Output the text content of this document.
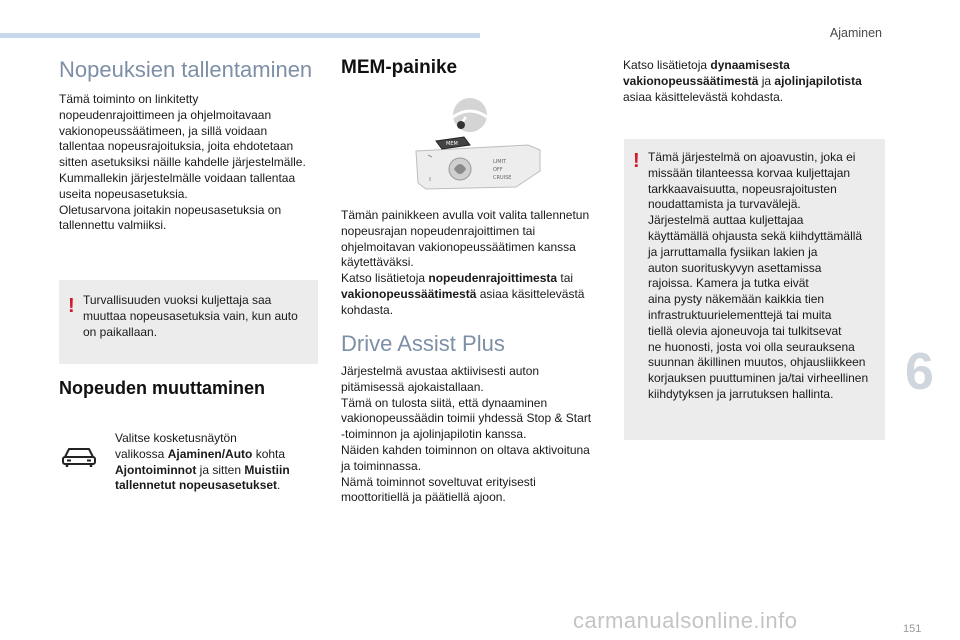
Ajaminen
6
Nopeuksien tallentaminen

Tämä toiminto on linkitetty

nopeudenrajoittimeen ja ohjelmoitavaan

vakionopeussäätimeen, ja sillä voidaan

tallentaa nopeusrajoituksia, joita ehdotetaan

sitten asetuksiksi näille kahdelle järjestelmälle.

Kummallekin järjestelmälle voidaan tallentaa

useita nopeusasetuksia.

Oletusarvona joitakin nopeusasetuksia on

tallennettu valmiiksi.

! Turvallisuuden vuoksi kuljettaja saa

muuttaa nopeusasetuksia vain, kun auto

on paikallaan.

Nopeuden muuttaminen

Valitse kosketusnäytön

valikossa Ajaminen/Auto kohta

Ajontoiminnot ja sitten Muistiin

tallennetut nopeusasetukset.

MEM-painike
MEM
LIMIT
OFF
CRUISE

Tämän painikkeen avulla voit valita tallennetun

nopeusrajan nopeudenrajoittimen tai

ohjelmoitavan vakionopeussäätimen kanssa

käytettäväksi.

Katso lisätietoja nopeudenrajoittimesta tai

vakionopeussäätimestä asiaa käsittelevästä

kohdasta.

Drive Assist Plus

Järjestelmä avustaa aktiivisesti auton

pitämisessä ajokaistallaan.

Tämä on tulosta siitä, että dynaaminen

vakionopeussäädin toimii yhdessä Stop & Start

-toiminnon ja ajolinjapilotin kanssa.

Näiden kahden toiminnon on oltava aktivoituna

ja toiminnassa.

Nämä toiminnot soveltuvat erityisesti

moottoritiellä ja päätiellä ajoon.

Katso lisätietoja dynaamisesta

vakionopeussäätimestä ja ajolinjapilotista

asiaa käsittelevästä kohdasta.

! Tämä järjestelmä on ajoavustin, joka ei

missään tilanteessa korvaa kuljettajan

tarkkaavaisuutta, nopeusrajoitusten

noudattamista ja turvavälejä.

Järjestelmä auttaa kuljettajaa

käyttämällä ohjausta sekä kiihdyttämällä

ja jarruttamalla fysiikan lakien ja

auton suorituskyvyn asettamissa

rajoissa. Kamera ja tutka eivät

aina pysty näkemään kaikkia tien

infrastruktuurielementtejä tai muita

tiellä olevia ajoneuvoja tai tulkitsevat

ne huonosti, josta voi olla seurauksena

suunnan äkillinen muutos, ohjausliikkeen

korjauksen puuttuminen ja/tai virheellinen

kiihdytyksen ja jarrutuksen hallinta.

carmanualsonline.info	151
